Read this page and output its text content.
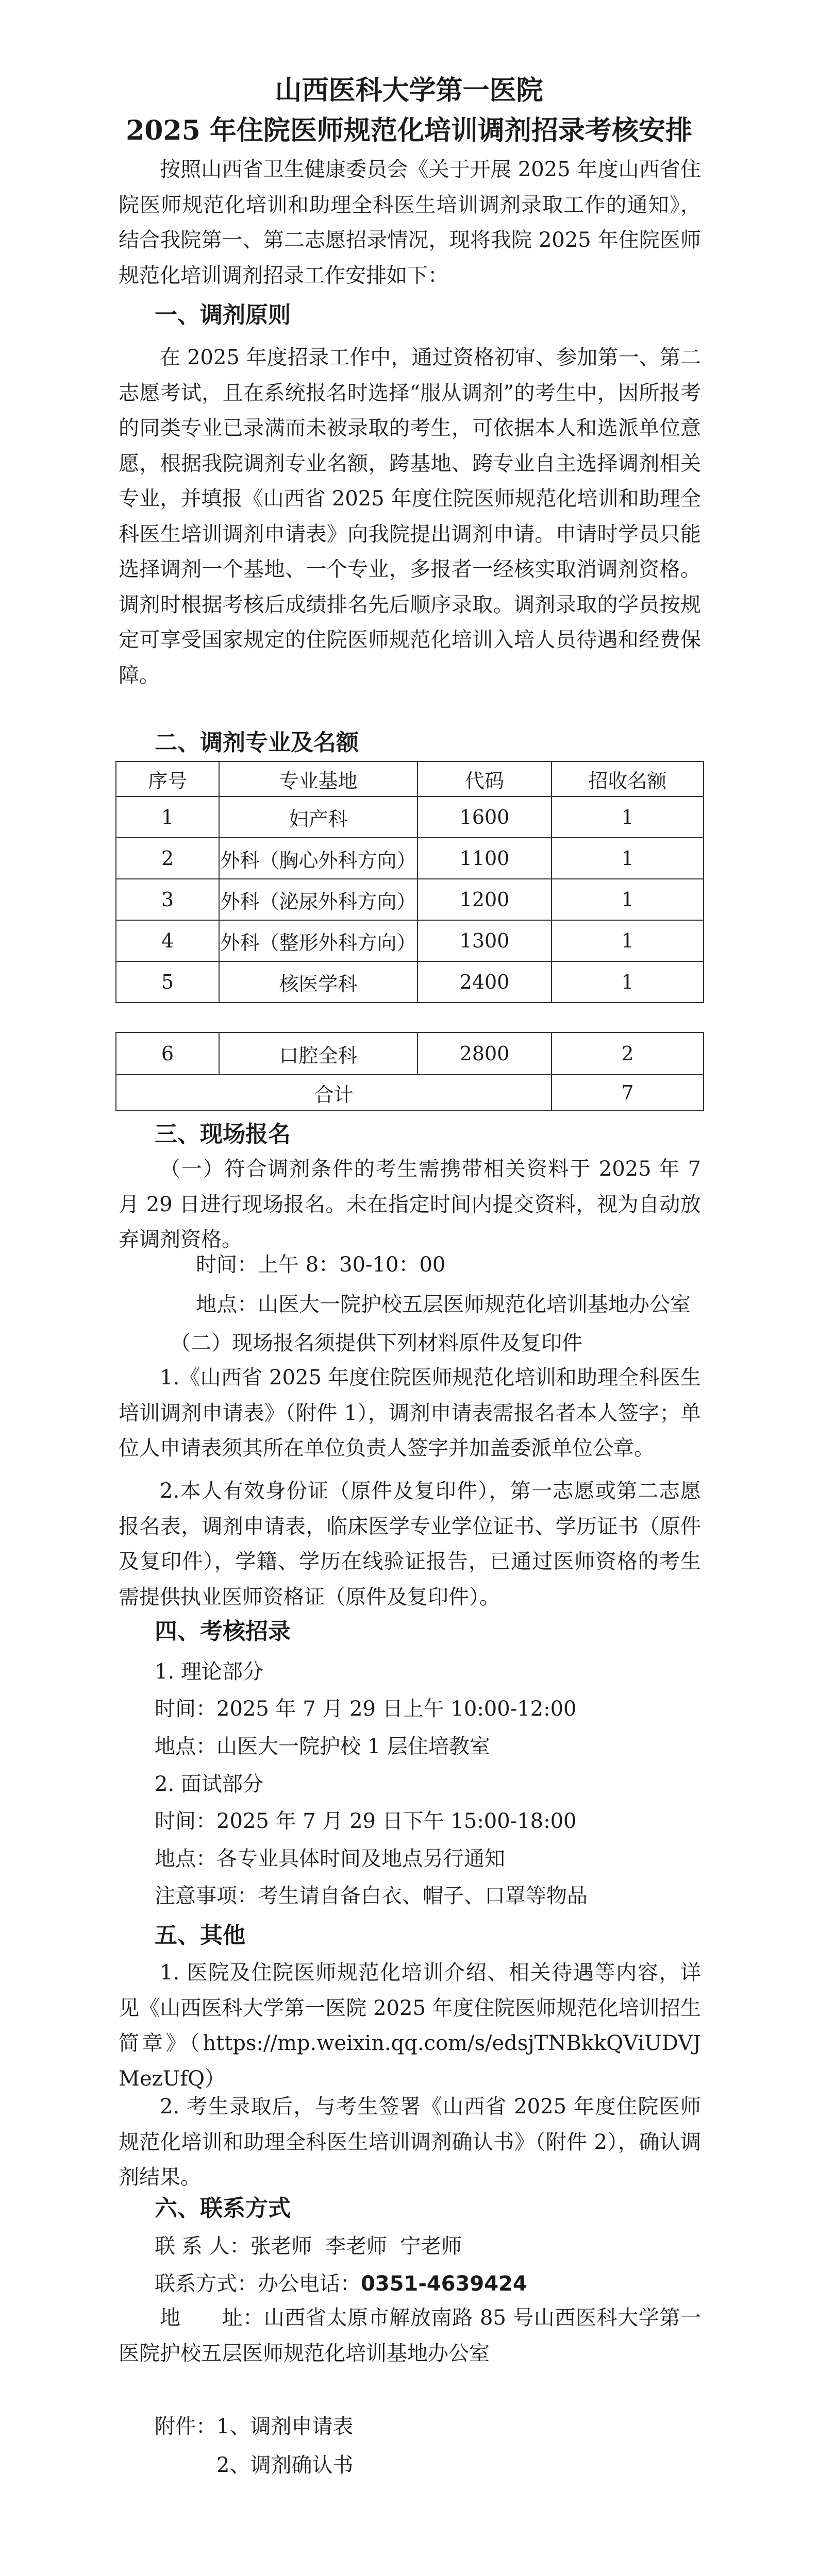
山西医科大学第一医院
2025 年住院医师规范化培训调剂招录考核安排

按照山西省卫生健康委员会《关于开展 2025 年度山西省住院医师规范化培训和助理全科医生培训调剂录取工作的通知》，结合我院第一、第二志愿招录情况，现将我院 2025 年住院医师规范化培训调剂招录工作安排如下：

一、调剂原则

在 2025 年度招录工作中，通过资格初审、参加第一、第二志愿考试，且在系统报名时选择“服从调剂”的考生中，因所报考的同类专业已录满而未被录取的考生，可依据本人和选派单位意愿，根据我院调剂专业名额，跨基地、跨专业自主选择调剂相关专业，并填报《山西省 2025 年度住院医师规范化培训和助理全科医生培训调剂申请表》向我院提出调剂申请。申请时学员只能选择调剂一个基地、一个专业，多报者一经核实取消调剂资格。调剂时根据考核后成绩排名先后顺序录取。调剂录取的学员按规定可享受国家规定的住院医师规范化培训入培人员待遇和经费保障。

二、调剂专业及名额
序号	专业基地	代码	招收名额
1	妇产科	1600	1
2	外科（胸心外科方向）	1100	1
3	外科（泌尿外科方向）	1200	1
4	外科（整形外科方向）	1300	1
5	核医学科	2400	1
6	口腔全科	2800	2
合计			7
三、现场报名

（一）符合调剂条件的考生需携带相关资料于 2025 年 7 月 29 日进行现场报名。未在指定时间内提交资料，视为自动放弃调剂资格。

时间：上午 8：30-10：00
地点：山医大一院护校五层医师规范化培训基地办公室
（二）现场报名须提供下列材料原件及复印件

1.《山西省 2025 年度住院医师规范化培训和助理全科医生培训调剂申请表》（附件 1），调剂申请表需报名者本人签字；单位人申请表须其所在单位负责人签字并加盖委派单位公章。

2.本人有效身份证（原件及复印件），第一志愿或第二志愿报名表，调剂申请表，临床医学专业学位证书、学历证书（原件及复印件），学籍、学历在线验证报告，已通过医师资格的考生需提供执业医师资格证（原件及复印件）。

四、考核招录
1. 理论部分
时间：2025 年 7 月 29 日上午 10:00-12:00
地点：山医大一院护校 1 层住培教室
2. 面试部分
时间：2025 年 7 月 29 日下午 15:00-18:00
地点：各专业具体时间及地点另行通知
注意事项：考生请自备白衣、帽子、口罩等物品
五、其他

1. 医院及住院医师规范化培训介绍、相关待遇等内容，详见《山西医科大学第一医院 2025 年度住院医师规范化培训招生简章》（https://mp.weixin.qq.com/s/edsjTNBkkQViUDVJMezUfQ）

2. 考生录取后，与考生签署《山西省 2025 年度住院医师规范化培训和助理全科医生培训调剂确认书》（附件 2），确认调剂结果。

六、联系方式
联 系 人：张老师  李老师  宁老师
联系方式：办公电话：0351-4639424

地      址：山西省太原市解放南路 85 号山西医科大学第一医院护校五层医师规范化培训基地办公室

附件：1、调剂申请表
2、调剂确认书
